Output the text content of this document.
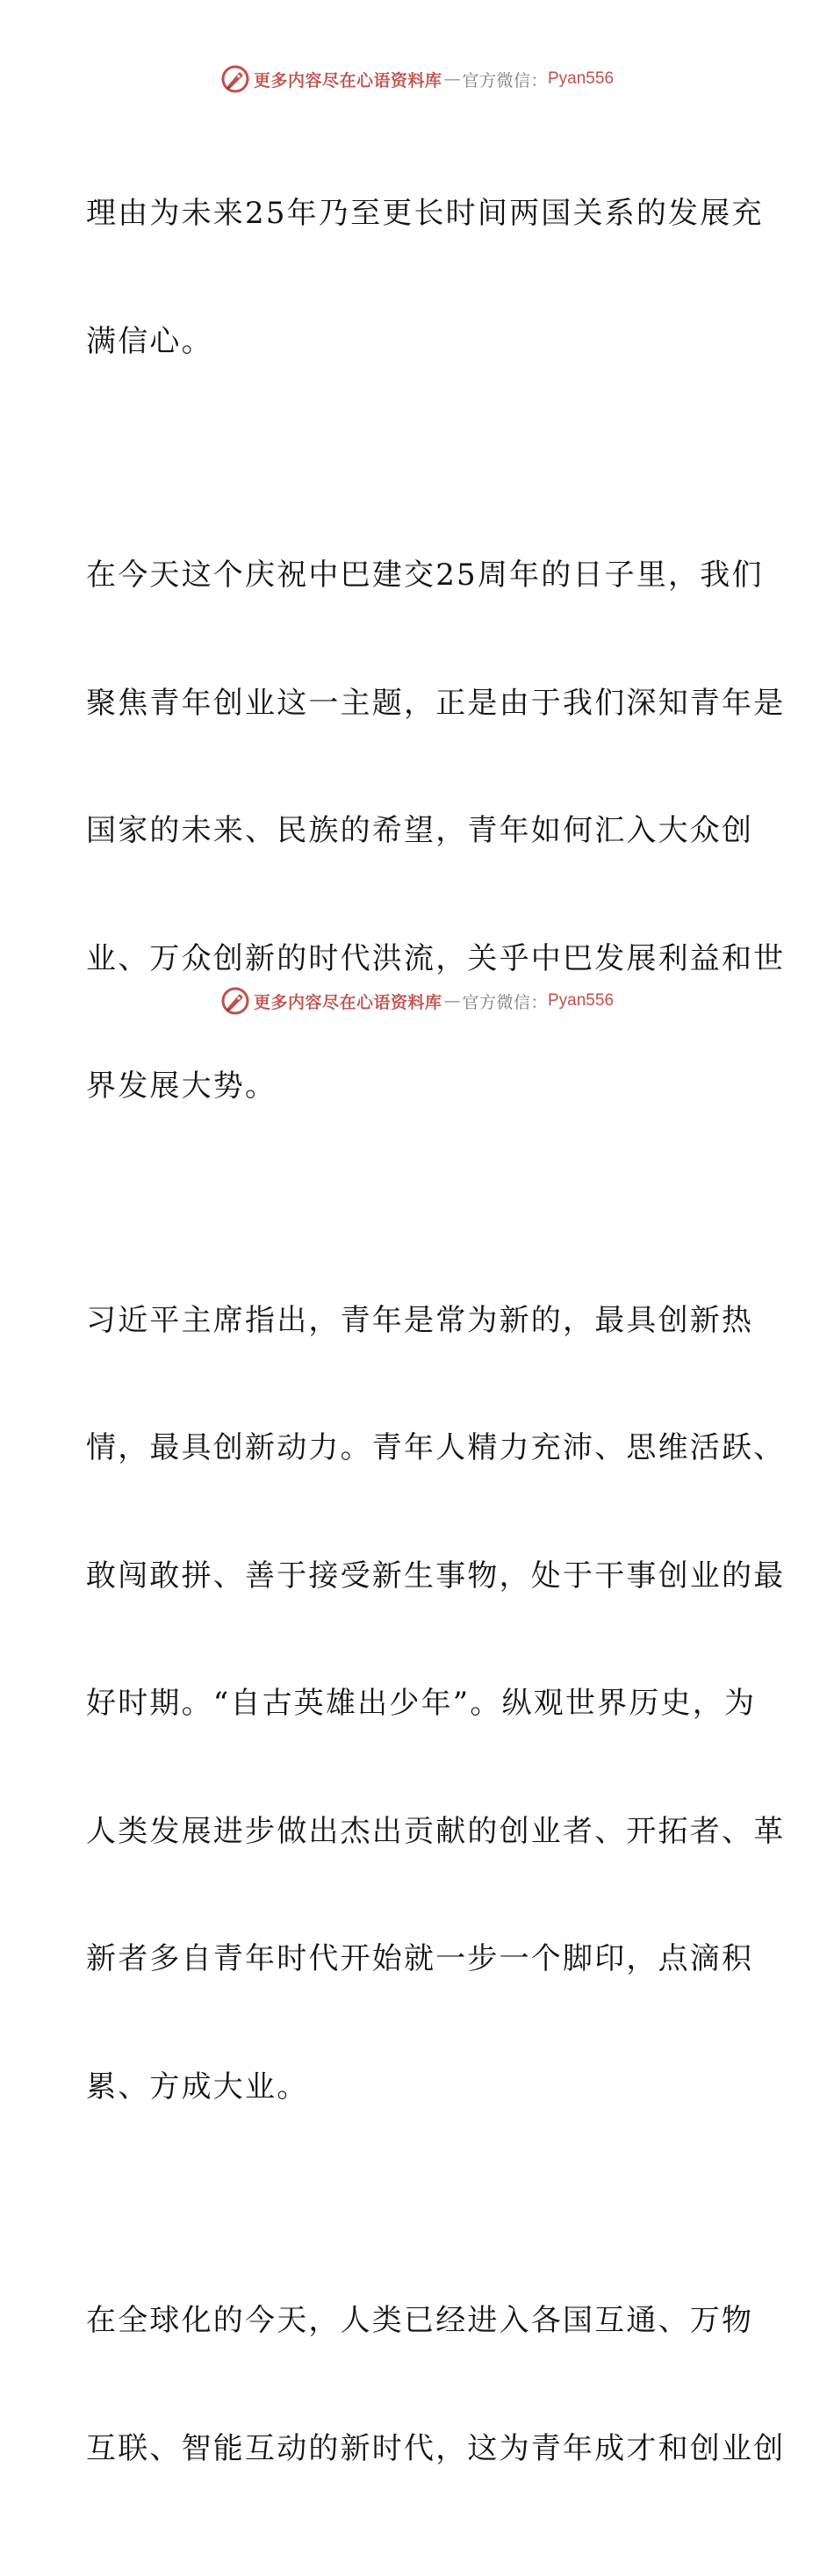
更多内容尽在心语资料库 — 官方微信： Pyan556

理由为未来25年乃至更长时间两国关系的发展充

满信心。

在今天这个庆祝中巴建交25周年的日子里，我们

聚焦青年创业这一主题，正是由于我们深知青年是

国家的未来、民族的希望，青年如何汇入大众创

业、万众创新的时代洪流，关乎中巴发展利益和世

界发展大势。

习近平主席指出，青年是常为新的，最具创新热

情，最具创新动力。青年人精力充沛、思维活跃、

敢闯敢拼、善于接受新生事物，处于干事创业的最

好时期。“自古英雄出少年”。纵观世界历史，为

人类发展进步做出杰出贡献的创业者、开拓者、革

新者多自青年时代开始就一步一个脚印，点滴积

累、方成大业。

在全球化的今天，人类已经进入各国互通、万物

互联、智能互动的新时代，这为青年成才和创业创

更多内容尽在心语资料库 — 官方微信： Pyan556
